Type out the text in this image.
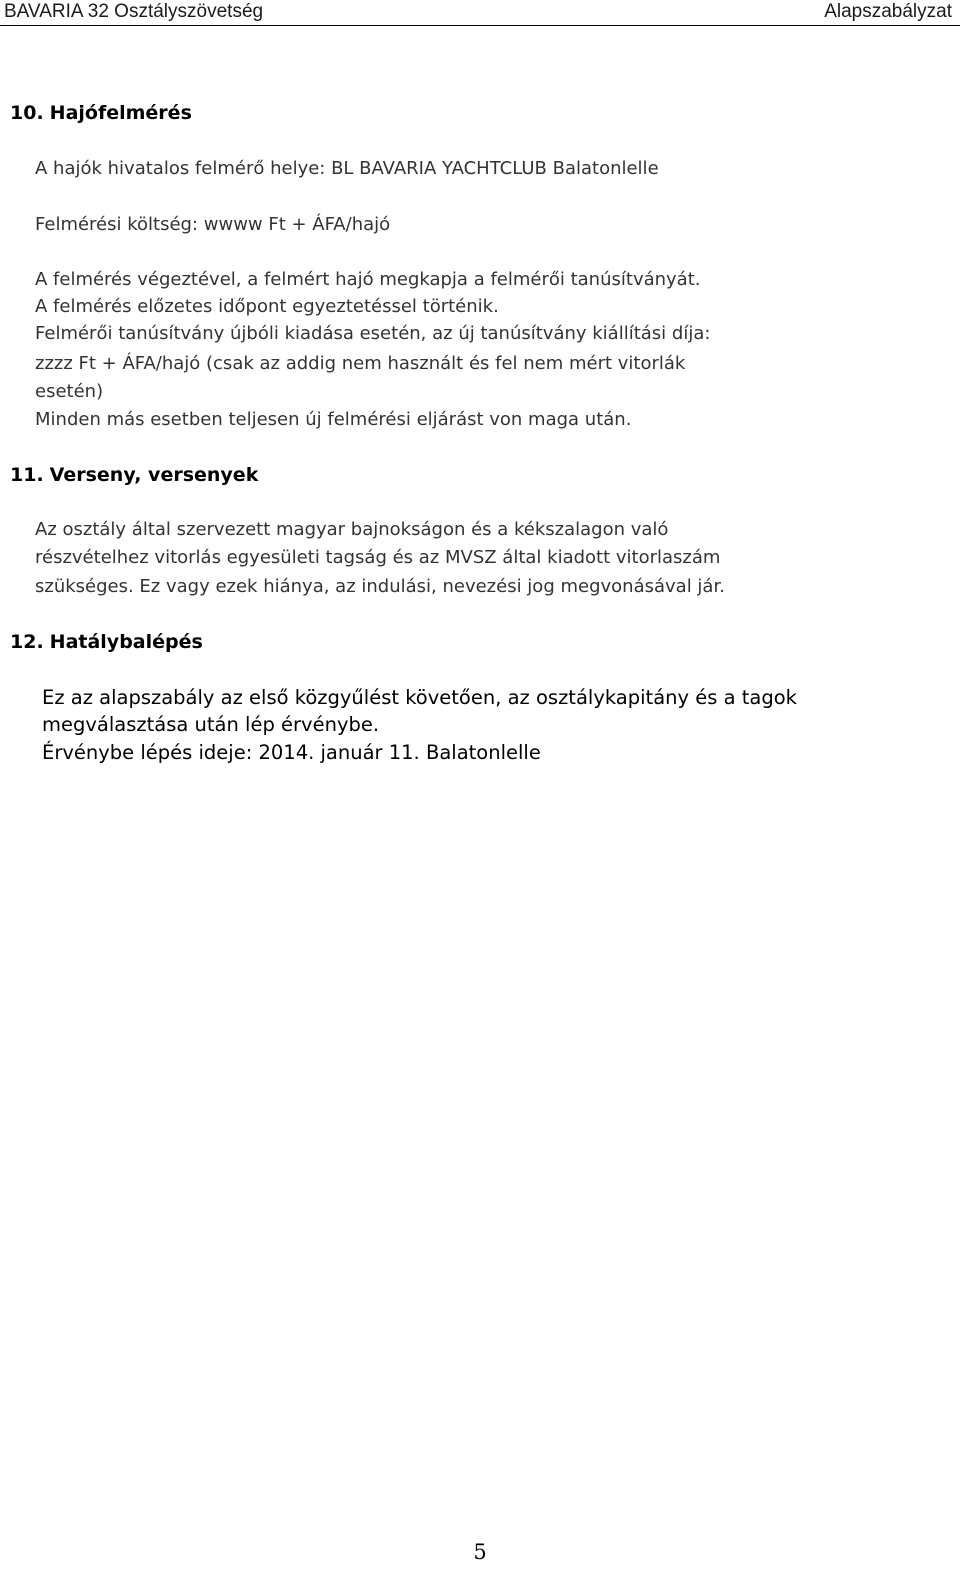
BAVARIA 32 Osztályszövetség	Alapszabályzat
10. Hajófelmérés

A hajók hivatalos felmérő helye: BL BAVARIA YACHTCLUB Balatonlelle

Felmérési költség: wwww Ft + ÁFA/hajó

A felmérés végeztével, a felmért hajó megkapja a felmérői tanúsítványát.

A felmérés előzetes időpont egyeztetéssel történik.

Felmérői tanúsítvány újbóli kiadása esetén, az új tanúsítvány kiállítási díja:

zzzz Ft + ÁFA/hajó (csak az addig nem használt és fel nem mért vitorlák

esetén)

Minden más esetben teljesen új felmérési eljárást von maga után.

11. Verseny, versenyek

Az osztály által szervezett magyar bajnokságon és a kékszalagon való

részvételhez vitorlás egyesületi tagság és az MVSZ által kiadott vitorlaszám

szükséges. Ez vagy ezek hiánya, az indulási, nevezési jog megvonásával jár.

12. Hatálybalépés

Ez az alapszabály az első közgyűlést követően, az osztálykapitány és a tagok

megválasztása után lép érvénybe.

Érvénybe lépés ideje: 2014. január 11. Balatonlelle

5
